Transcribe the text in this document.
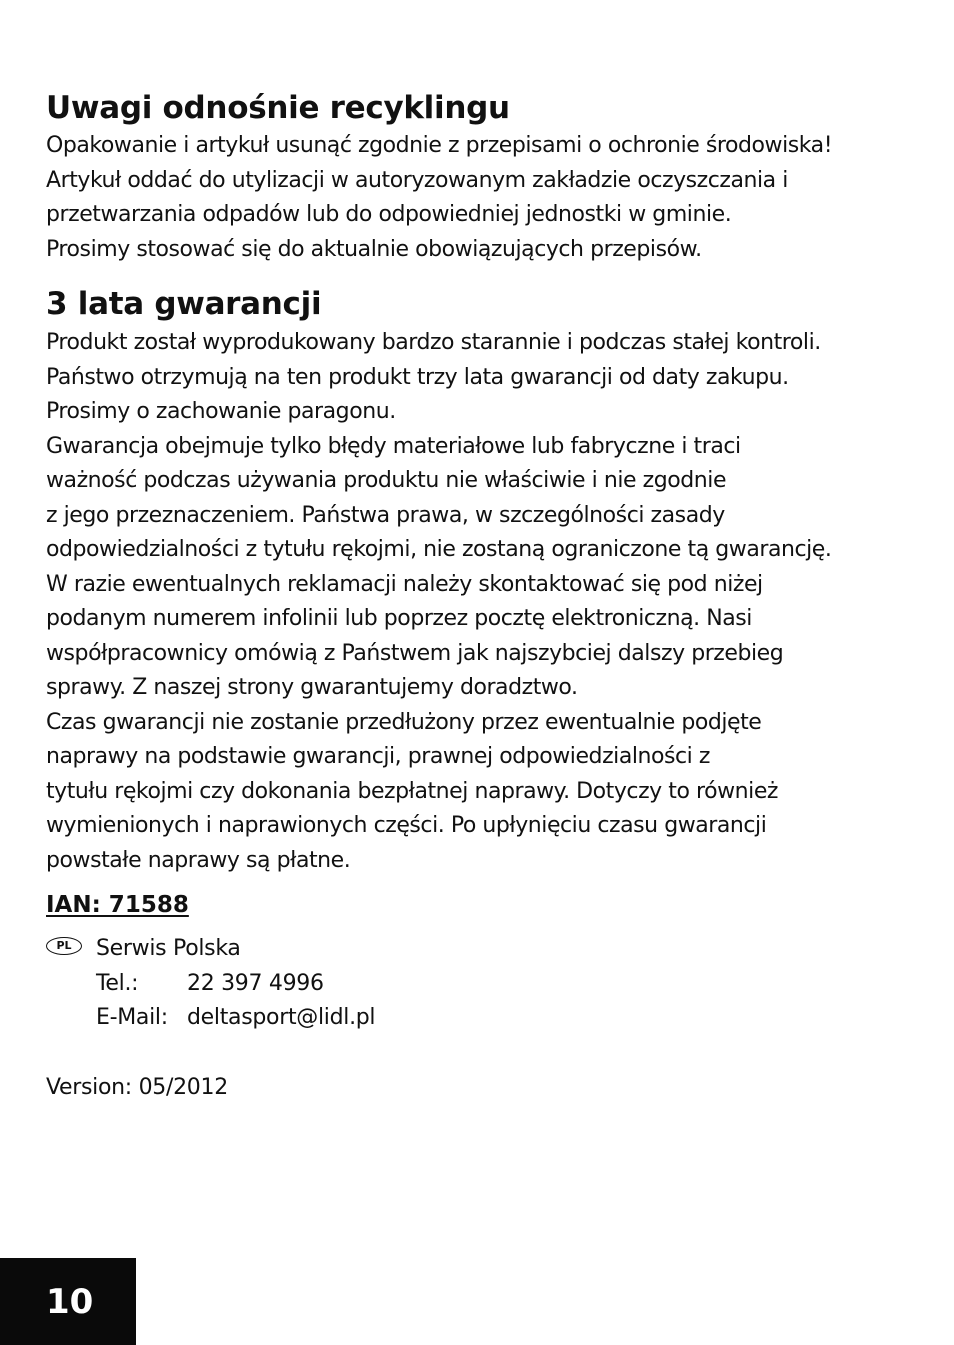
Uwagi odnośnie recyklingu
Opakowanie i artykuł usunąć zgodnie z przepisami o ochronie środowiska!
Artykuł oddać do utylizacji w autoryzowanym zakładzie oczyszczania i
przetwarzania odpadów lub do odpowiedniej jednostki w gminie.
Prosimy stosować się do aktualnie obowiązujących przepisów.
3 lata gwarancji
Produkt został wyprodukowany bardzo starannie i podczas stałej kontroli.
Państwo otrzymują na ten produkt trzy lata gwarancji od daty zakupu.
Prosimy o zachowanie paragonu.
Gwarancja obejmuje tylko błędy materiałowe lub fabryczne i traci
ważność podczas używania produktu nie właściwie i nie zgodnie
z jego przeznaczeniem. Państwa prawa, w szczególności zasady
odpowiedzialności z tytułu rękojmi, nie zostaną ograniczone tą gwarancję.
W razie ewentualnych reklamacji należy skontaktować się pod niżej
podanym numerem infolinii lub poprzez pocztę elektroniczną. Nasi
współpracownicy omówią z Państwem jak najszybciej dalszy przebieg
sprawy. Z naszej strony gwarantujemy doradztwo.
Czas gwarancji nie zostanie przedłużony przez ewentualnie podjęte
naprawy na podstawie gwarancji, prawnej odpowiedzialności z
tytułu rękojmi czy dokonania bezpłatnej naprawy. Dotyczy to również
wymienionych i naprawionych części. Po upłynięciu czasu gwarancji
powstałe naprawy są płatne.
IAN: 71588
PL	Serwis Polska
Tel.: 22 397 4996
E-Mail: deltasport@lidl.pl
Version: 05/2012
10
